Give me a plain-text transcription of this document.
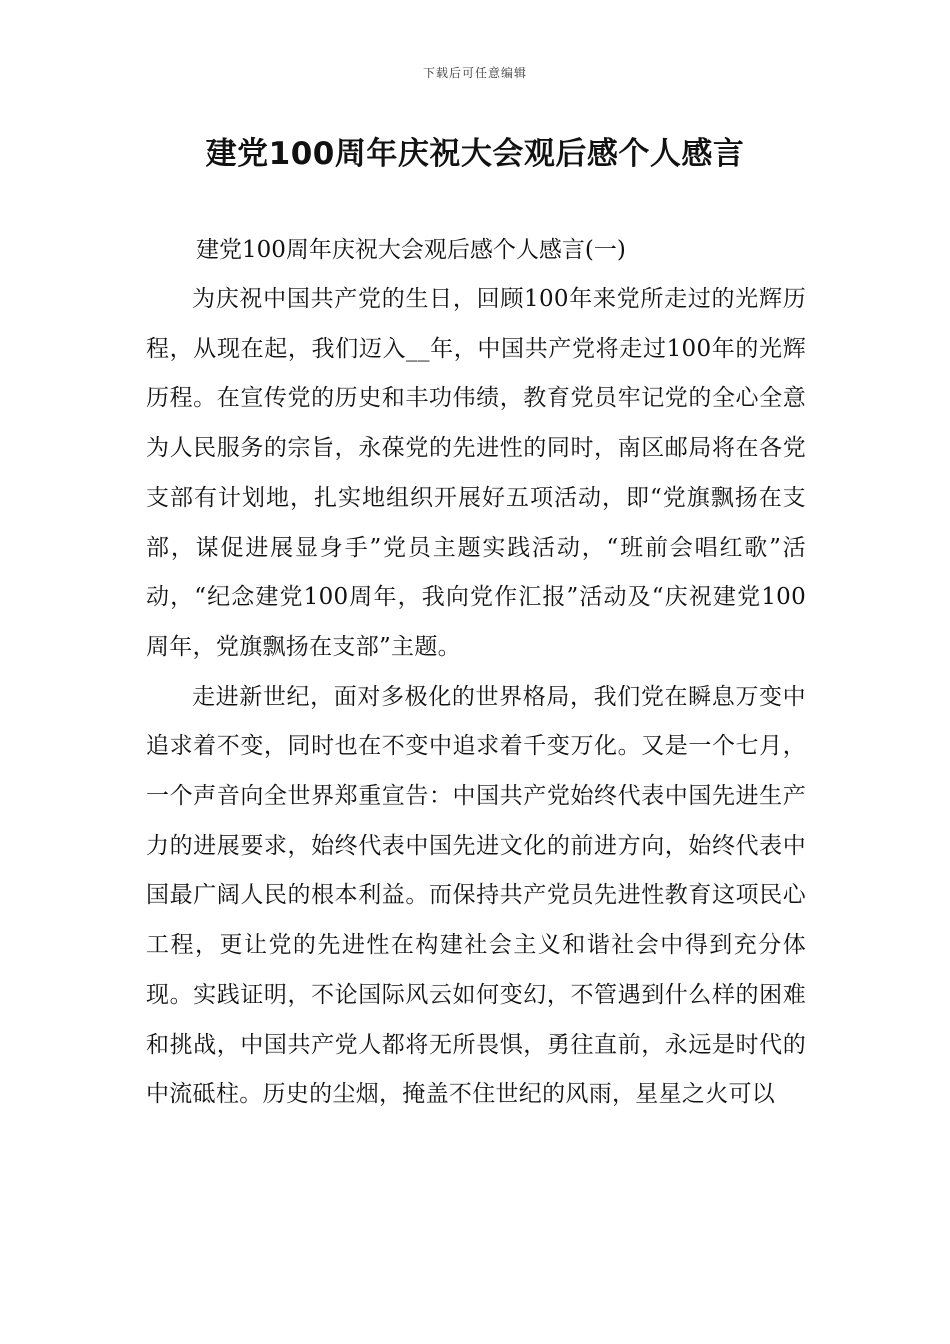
下载后可任意编辑
建党100周年庆祝大会观后感个人感言

建党100周年庆祝大会观后感个人感言(一)

为庆祝中国共产党的生日，回顾100年来党所走过的光辉历程，从现在起，我们迈入__年，中国共产党将走过100年的光辉历程。在宣传党的历史和丰功伟绩，教育党员牢记党的全心全意为人民服务的宗旨，永葆党的先进性的同时，南区邮局将在各党支部有计划地，扎实地组织开展好五项活动，即“党旗飘扬在支部，谋促进展显身手”党员主题实践活动，“班前会唱红歌”活动，“纪念建党100周年，我向党作汇报”活动及“庆祝建党100周年，党旗飘扬在支部”主题。

走进新世纪，面对多极化的世界格局，我们党在瞬息万变中追求着不变，同时也在不变中追求着千变万化。又是一个七月，一个声音向全世界郑重宣告：中国共产党始终代表中国先进生产力的进展要求，始终代表中国先进文化的前进方向，始终代表中国最广阔人民的根本利益。而保持共产党员先进性教育这项民心工程，更让党的先进性在构建社会主义和谐社会中得到充分体现。实践证明，不论国际风云如何变幻，不管遇到什么样的困难和挑战，中国共产党人都将无所畏惧，勇往直前，永远是时代的中流砥柱。历史的尘烟，掩盖不住世纪的风雨，星星之火可以
